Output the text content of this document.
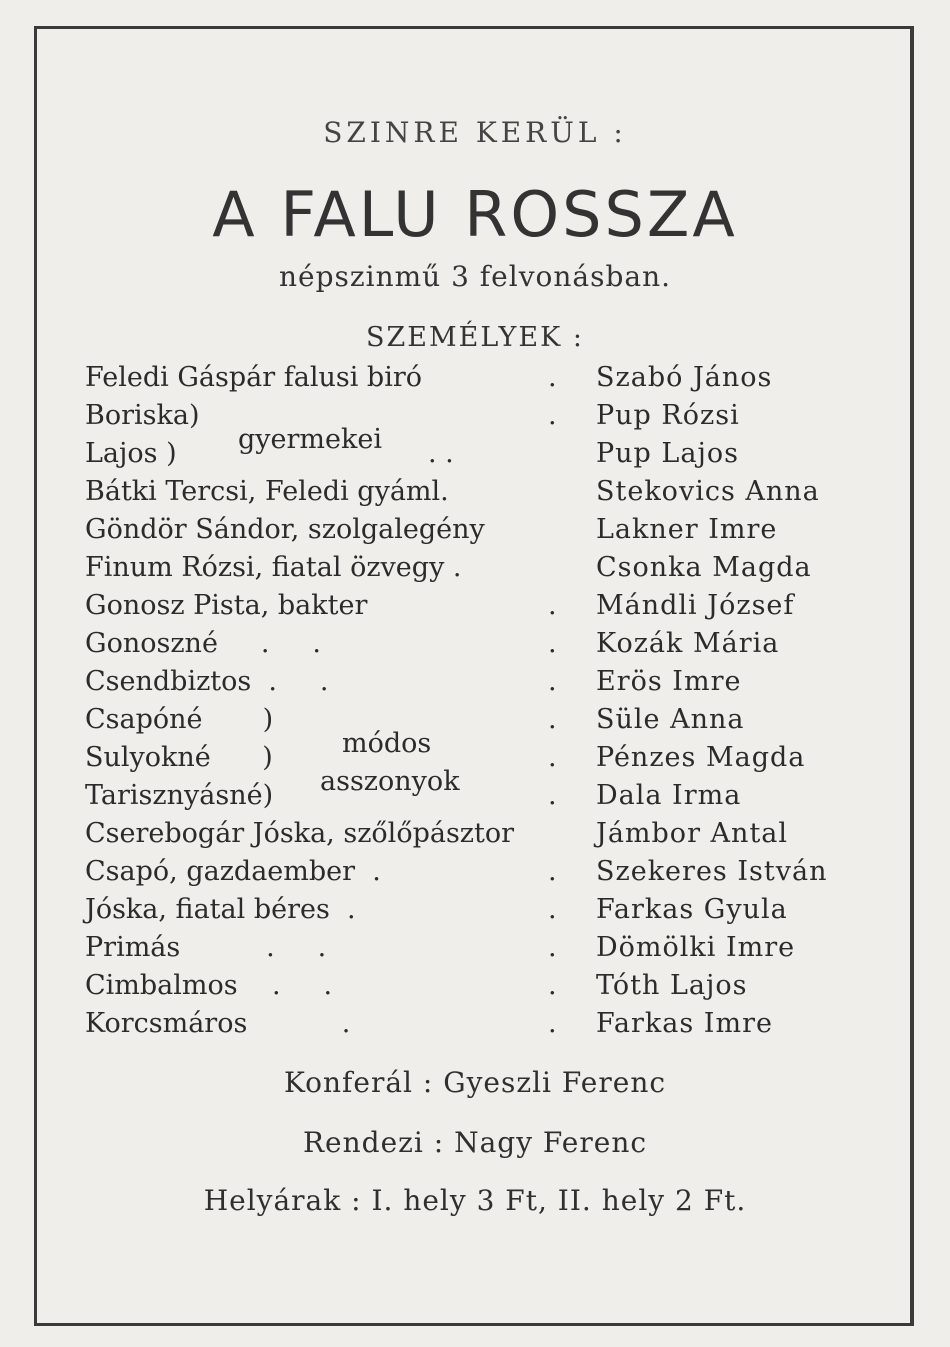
SZINRE KERÜL :
A FALU ROSSZA
népszinmű 3 felvonásban.
SZEMÉLYEK :
Feledi Gáspár falusi biró	. Szabó János
Boriska)	. Pup Rózsi
Lajos )	. .	Pup Lajos
Bátki Tercsi, Feledi gyáml.	Stekovics Anna
Göndör Sándor, szolgalegény	Lakner Imre
Finum Rózsi, fiatal özvegy .	Csonka Magda
Gonosz Pista, bakter	. Mándli József
Gonoszné     .     .	. Kozák Mária
Csendbiztos  .     .	. Erös Imre
Csapóné       )	. Süle Anna
Sulyokné      )	. Pénzes Magda
Tarisznyásné)	. Dala Irma
Cserebogár Jóska, szőlőpásztor	Jámbor Antal
Csapó, gazdaember  .	. Szekeres István
Jóska, fiatal béres  .	. Farkas Gyula
Primás          .     .	. Dömölki Imre
Cimbalmos    .     .	. Tóth Lajos
Korcsmáros           .	. Farkas Imre
gyermekei
módos
asszonyok
Konferál : Gyeszli Ferenc
Rendezi : Nagy Ferenc
Helyárak : I. hely 3 Ft, II. hely 2 Ft.
